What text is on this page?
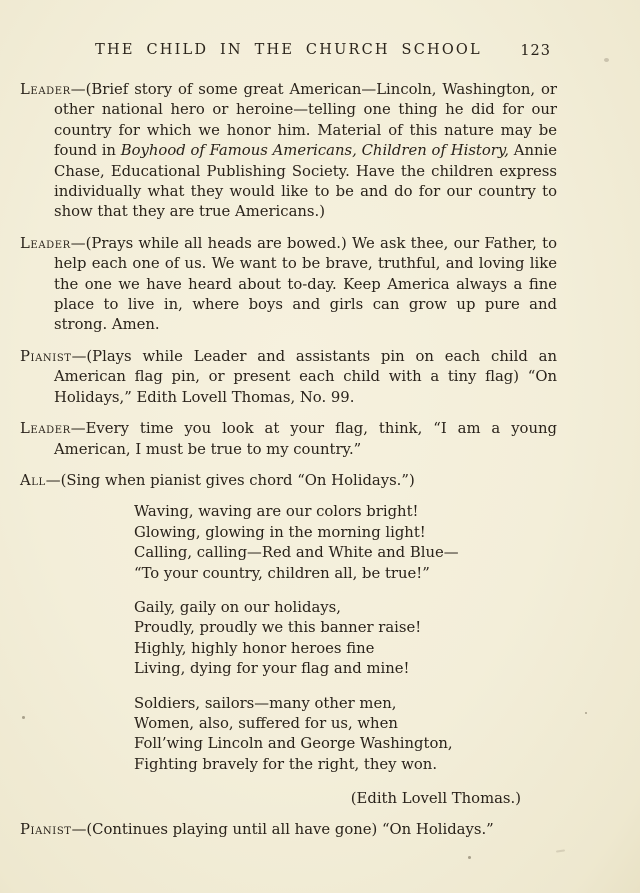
THE CHILD IN THE CHURCH SCHOOL	123

Leader—(Brief story of some great American—Lincoln, Washington, or other national hero or heroine—telling one thing he did for our country for which we honor him. Material of this nature may be found in Boyhood of Famous Americans, Children of History, Annie Chase, Educational Publishing Society. Have the children express individually what they would like to be and do for our country to show that they are true Americans.)

Leader—(Prays while all heads are bowed.) We ask thee, our Father, to help each one of us. We want to be brave, truthful, and loving like the one we have heard about to-day. Keep America always a fine place to live in, where boys and girls can grow up pure and strong. Amen.

Pianist—(Plays while Leader and assistants pin on each child an American flag pin, or present each child with a tiny flag) “On Holidays,” Edith Lovell Thomas, No. 99.

Leader—Every time you look at your flag, think, “I am a young American, I must be true to my country.”

All—(Sing when pianist gives chord “On Holidays.”)

Waving, waving are our colors bright!
Glowing, glowing in the morning light!
Calling, calling—Red and White and Blue—
“To your country, children all, be true!”
Gaily, gaily on our holidays,
Proudly, proudly we this banner raise!
Highly, highly honor heroes fine
Living, dying for your flag and mine!
Soldiers, sailors—many other men,
Women, also, suffered for us, when
Foll’wing Lincoln and George Washington,
Fighting bravely for the right, they won.
(Edith Lovell Thomas.)

Pianist—(Continues playing until all have gone) “On Holidays.”
